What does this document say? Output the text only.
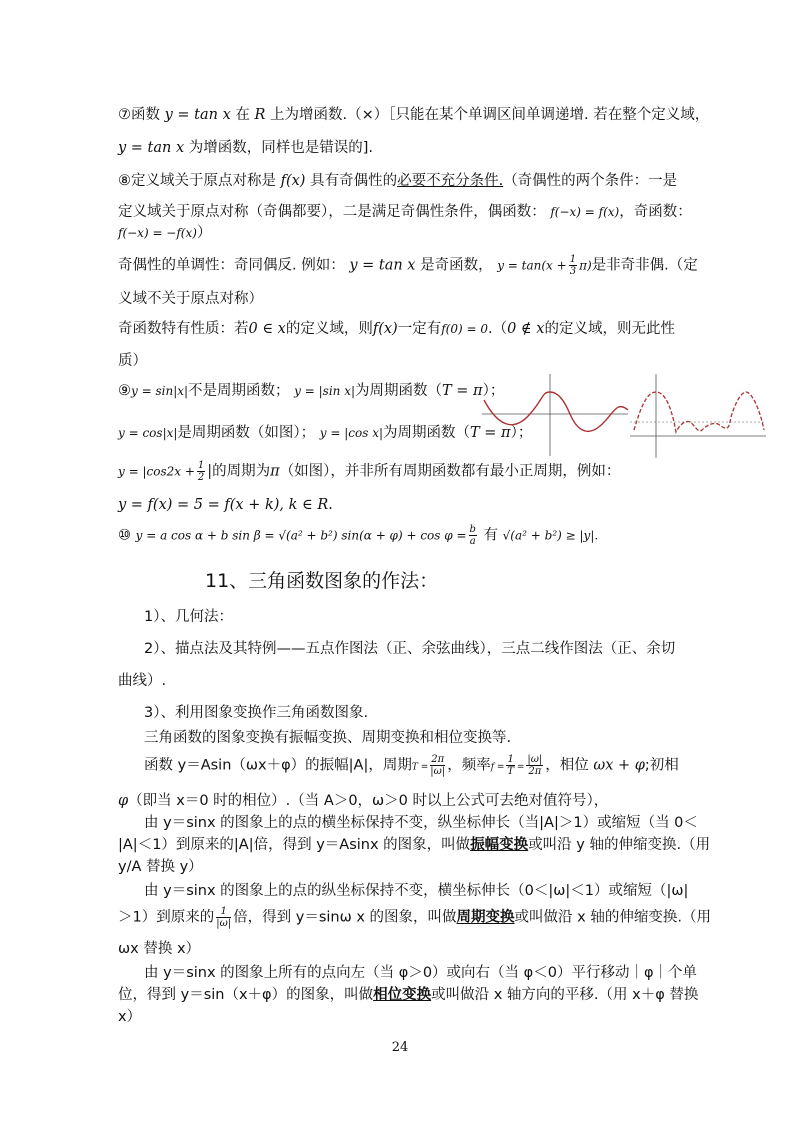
⑦函数 y = tan x 在 R 上为增函数.（×）［只能在某个单调区间单调递增. 若在整个定义域，
y = tan x 为增函数，同样也是错误的].
⑧定义域关于原点对称是 f(x) 具有奇偶性的必要不充分条件.（奇偶性的两个条件：一是
定义域关于原点对称（奇偶都要），二是满足奇偶性条件，偶函数： f(−x) = f(x)，奇函数：
f(−x) = −f(x)）
奇偶性的单调性：奇同偶反. 例如： y = tan x 是奇函数， $y = \tan(x + \frac{1}{3} \pi)$是非奇非偶.（定
义域不关于原点对称）
奇函数特有性质：若0 ∈ x的定义域，则f(x)一定有f(0) = 0.（0 ∉ x的定义域，则无此性
质）
⑨y = sin|x|不是周期函数； y = |sin x|为周期函数（T = π）；
y = cos|x|是周期函数（如图）； y = |cos x|为周期函数（T = π）；
$y = |\cos 2x + \frac{1}{2}$ |的周期为π（如图），并非所有周期函数都有最小正周期，例如：
y = f(x) = 5 = f(x + k), k ∈ R.
⑩ y = a cos α + b sin β = √(a² + b²) $\sin(\alpha + \varphi) + \cos \varphi = \frac{b}{a}$ 有 √(a² + b²) ≥ |y|.
11、三角函数图象的作法：
1）、几何法：
2）、描点法及其特例——五点作图法（正、余弦曲线），三点二线作图法（正、余切
曲线）.
3）、利用图象变换作三角函数图象.
三角函数的图象变换有振幅变换、周期变换和相位变换等.
函数 y＝Asin（ωx＋φ）的振幅|A|，周期$T = \frac{2\pi}{|\omega|}$ ，频率$f = \frac{1}{T} = \frac{|\omega|}{2\pi}$ ，相位 ωx + φ;初相
φ（即当 x＝0 时的相位）.（当 A＞0，ω＞0 时以上公式可去绝对值符号），
由 y＝sinx 的图象上的点的横坐标保持不变，纵坐标伸长（当|A|＞1）或缩短（当 0＜
|A|＜1）到原来的|A|倍，得到 y＝Asinx 的图象，叫做振幅变换或叫沿 y 轴的伸缩变换.（用
y/A 替换 y）
由 y＝sinx 的图象上的点的纵坐标保持不变，横坐标伸长（0＜|ω|＜1）或缩短（|ω|
＞1）到原来的 $\frac{1}{|\omega|}$ 倍，得到 y＝sinω x 的图象，叫做周期变换或叫做沿 x 轴的伸缩变换.（用
ωx 替换 x）
由 y＝sinx 的图象上所有的点向左（当 φ＞0）或向右（当 φ＜0）平行移动｜φ｜个单
位，得到 y＝sin（x＋φ）的图象，叫做相位变换或叫做沿 x 轴方向的平移.（用 x＋φ 替换
x）
24
